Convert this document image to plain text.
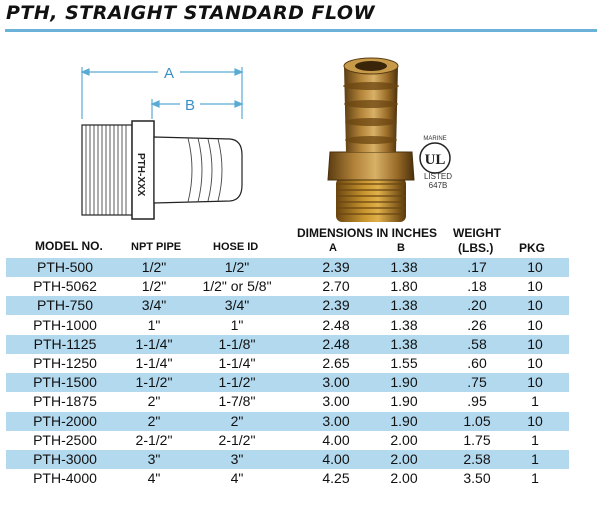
PTH, STRAIGHT STANDARD FLOW
A
B
PTH-XXX	UL
MARINE
LISTED
647B
MODEL NO.	NPT PIPE	HOSE ID
DIMENSIONS IN INCHES
A	B
WEIGHT
(LBS.) PKG
PTH-500	1/2"	1/2"	2.39	1.38	.17	10
PTH-5062	1/2"	1/2" or 5/8"	2.70	1.80	.18	10
PTH-750	3/4"	3/4"	2.39	1.38	.20	10
PTH-1000	1"	1"	2.48	1.38	.26	10
PTH-1125	1-1/4"	1-1/8"	2.48	1.38	.58	10
PTH-1250	1-1/4"	1-1/4"	2.65	1.55	.60	10
PTH-1500	1-1/2"	1-1/2"	3.00	1.90	.75	10
PTH-1875	2"	1-7/8"	3.00	1.90	.95	1
PTH-2000	2"	2"	3.00	1.90	1.05	10
PTH-2500	2-1/2"	2-1/2"	4.00	2.00	1.75	1
PTH-3000	3"	3"	4.00	2.00	2.58	1
PTH-4000	4"	4"	4.25	2.00	3.50	1
